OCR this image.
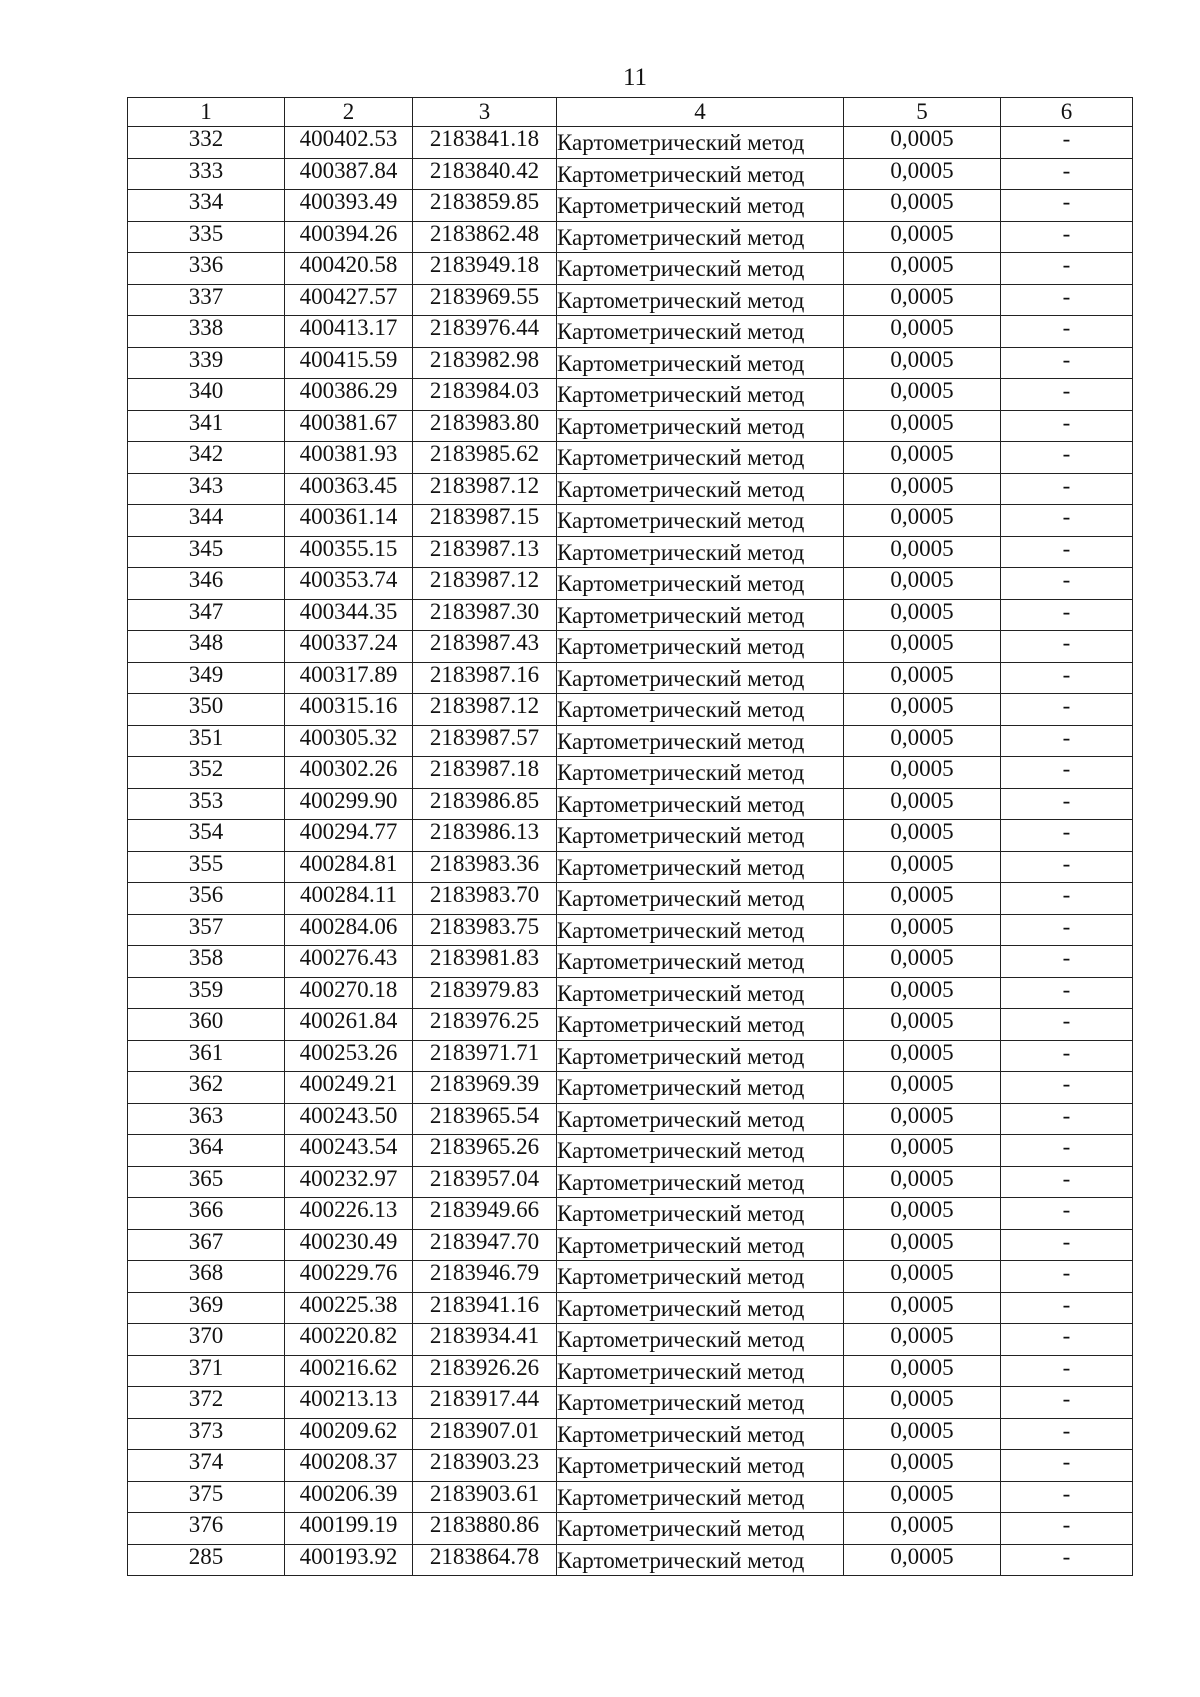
11
1	2	3	4	5	6
332	400402.53	2183841.18	Картометрический метод	0,0005	-
333	400387.84	2183840.42	Картометрический метод	0,0005	-
334	400393.49	2183859.85	Картометрический метод	0,0005	-
335	400394.26	2183862.48	Картометрический метод	0,0005	-
336	400420.58	2183949.18	Картометрический метод	0,0005	-
337	400427.57	2183969.55	Картометрический метод	0,0005	-
338	400413.17	2183976.44	Картометрический метод	0,0005	-
339	400415.59	2183982.98	Картометрический метод	0,0005	-
340	400386.29	2183984.03	Картометрический метод	0,0005	-
341	400381.67	2183983.80	Картометрический метод	0,0005	-
342	400381.93	2183985.62	Картометрический метод	0,0005	-
343	400363.45	2183987.12	Картометрический метод	0,0005	-
344	400361.14	2183987.15	Картометрический метод	0,0005	-
345	400355.15	2183987.13	Картометрический метод	0,0005	-
346	400353.74	2183987.12	Картометрический метод	0,0005	-
347	400344.35	2183987.30	Картометрический метод	0,0005	-
348	400337.24	2183987.43	Картометрический метод	0,0005	-
349	400317.89	2183987.16	Картометрический метод	0,0005	-
350	400315.16	2183987.12	Картометрический метод	0,0005	-
351	400305.32	2183987.57	Картометрический метод	0,0005	-
352	400302.26	2183987.18	Картометрический метод	0,0005	-
353	400299.90	2183986.85	Картометрический метод	0,0005	-
354	400294.77	2183986.13	Картометрический метод	0,0005	-
355	400284.81	2183983.36	Картометрический метод	0,0005	-
356	400284.11	2183983.70	Картометрический метод	0,0005	-
357	400284.06	2183983.75	Картометрический метод	0,0005	-
358	400276.43	2183981.83	Картометрический метод	0,0005	-
359	400270.18	2183979.83	Картометрический метод	0,0005	-
360	400261.84	2183976.25	Картометрический метод	0,0005	-
361	400253.26	2183971.71	Картометрический метод	0,0005	-
362	400249.21	2183969.39	Картометрический метод	0,0005	-
363	400243.50	2183965.54	Картометрический метод	0,0005	-
364	400243.54	2183965.26	Картометрический метод	0,0005	-
365	400232.97	2183957.04	Картометрический метод	0,0005	-
366	400226.13	2183949.66	Картометрический метод	0,0005	-
367	400230.49	2183947.70	Картометрический метод	0,0005	-
368	400229.76	2183946.79	Картометрический метод	0,0005	-
369	400225.38	2183941.16	Картометрический метод	0,0005	-
370	400220.82	2183934.41	Картометрический метод	0,0005	-
371	400216.62	2183926.26	Картометрический метод	0,0005	-
372	400213.13	2183917.44	Картометрический метод	0,0005	-
373	400209.62	2183907.01	Картометрический метод	0,0005	-
374	400208.37	2183903.23	Картометрический метод	0,0005	-
375	400206.39	2183903.61	Картометрический метод	0,0005	-
376	400199.19	2183880.86	Картометрический метод	0,0005	-
285	400193.92	2183864.78	Картометрический метод	0,0005	-
